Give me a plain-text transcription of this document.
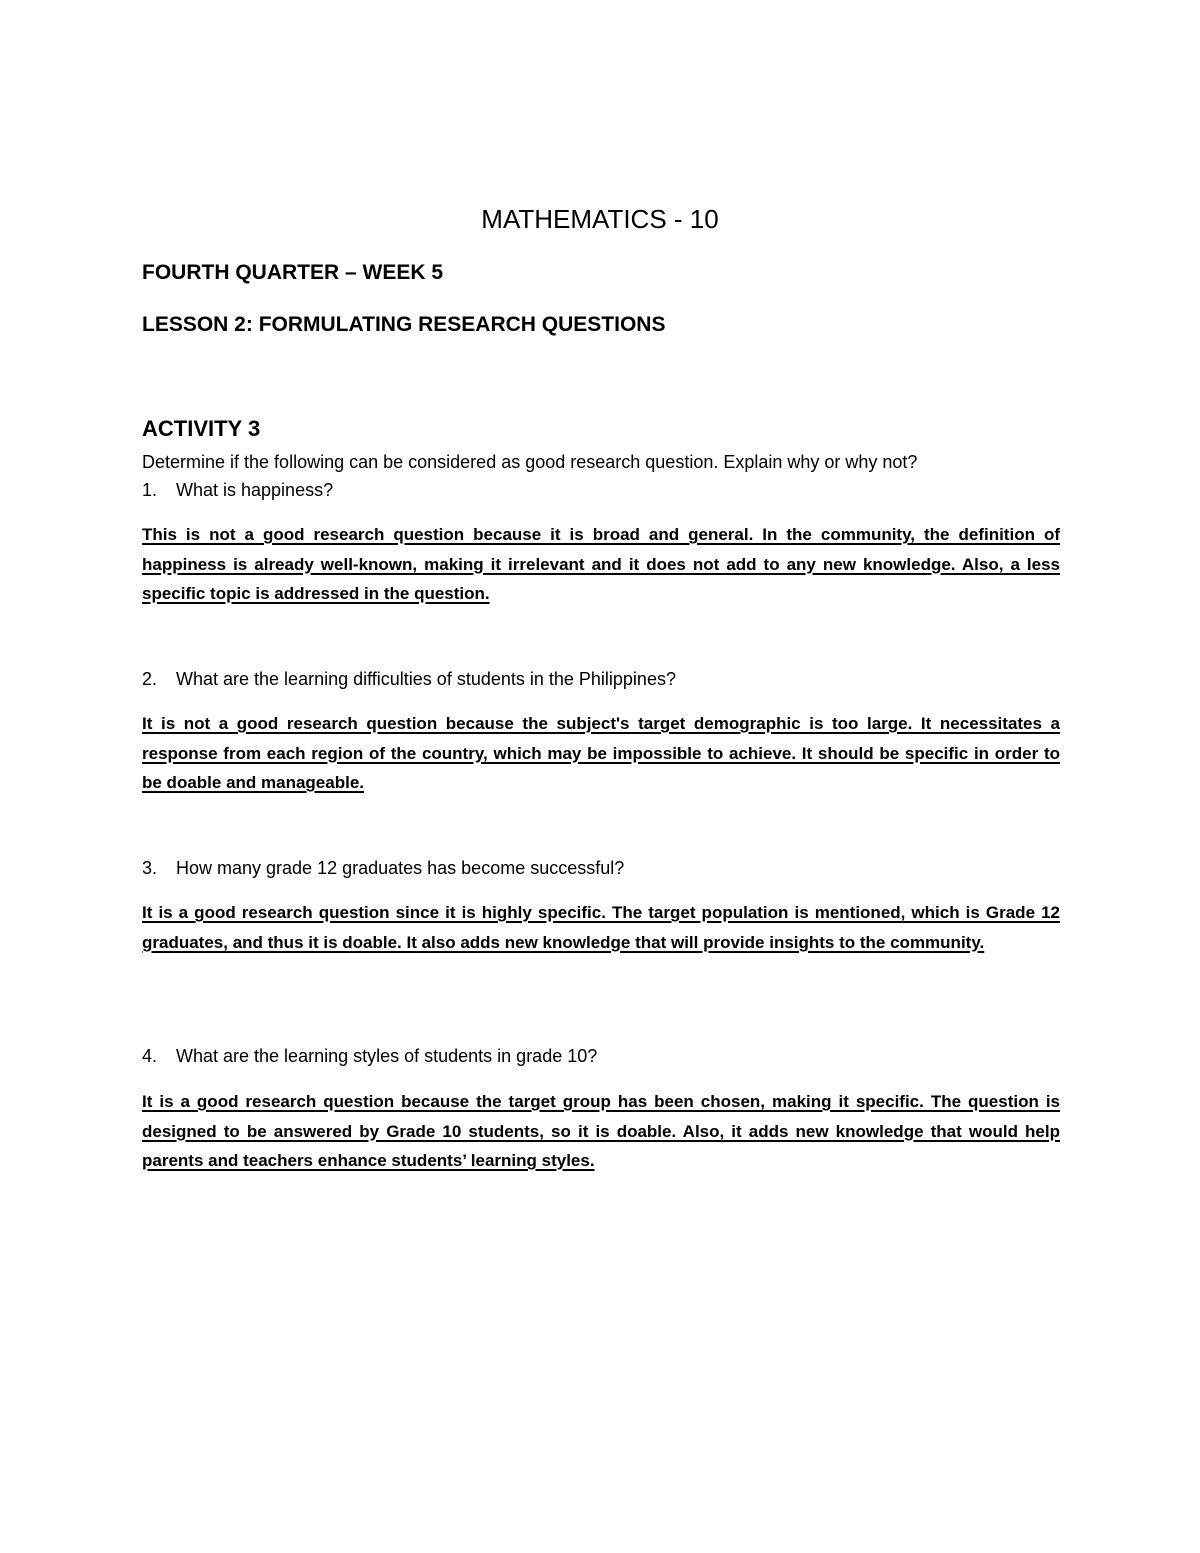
MATHEMATICS - 10
FOURTH QUARTER – WEEK 5
LESSON 2: FORMULATING RESEARCH QUESTIONS
ACTIVITY 3
Determine if the following can be considered as good research question. Explain why or why not?
1. What is happiness?
This is not a good research question because it is broad and general. In the community, the definition of happiness is already well-known, making it irrelevant and it does not add to any new knowledge. Also, a less specific topic is addressed in the question.
2. What are the learning difficulties of students in the Philippines?
It is not a good research question because the subject's target demographic is too large. It necessitates a response from each region of the country, which may be impossible to achieve. It should be specific in order to be doable and manageable.
3. How many grade 12 graduates has become successful?
It is a good research question since it is highly specific. The target population is mentioned, which is Grade 12 graduates, and thus it is doable. It also adds new knowledge that will provide insights to the community.
4. What are the learning styles of students in grade 10?
It is a good research question because the target group has been chosen, making it specific. The question is designed to be answered by Grade 10 students, so it is doable. Also, it adds new knowledge that would help parents and teachers enhance students’ learning styles.
